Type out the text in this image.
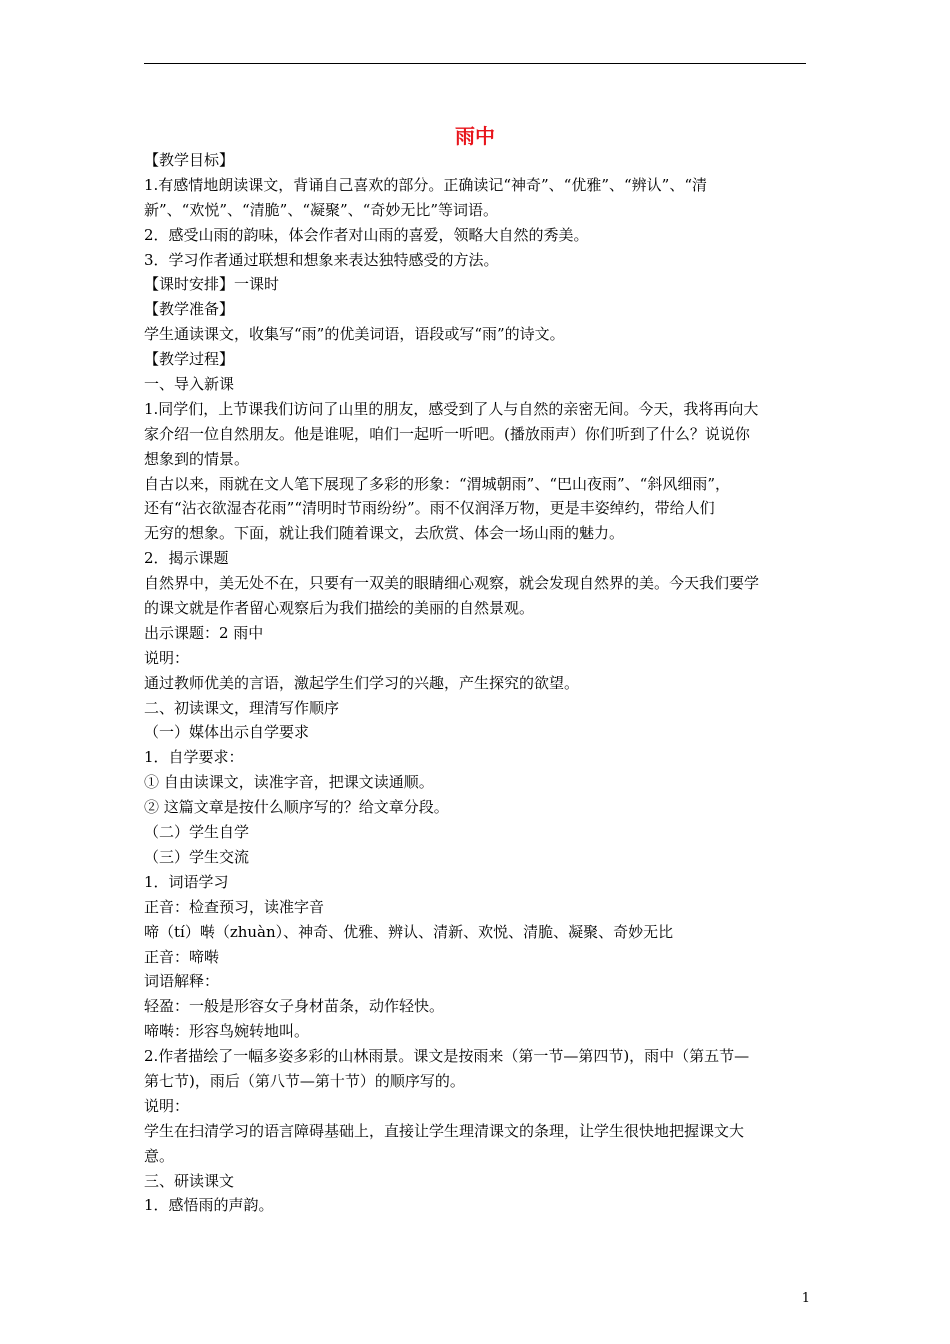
雨中
【教学目标】
1.有感情地朗读课文，背诵自己喜欢的部分。正确读记“神奇”、“优雅”、“辨认”、“清
新”、“欢悦”、“清脆”、“凝聚”、“奇妙无比”等词语。
2．感受山雨的韵味，体会作者对山雨的喜爱，领略大自然的秀美。
3．学习作者通过联想和想象来表达独特感受的方法。
【课时安排】一课时
【教学准备】
学生通读课文，收集写“雨”的优美词语，语段或写“雨”的诗文。
【教学过程】
一、导入新课
1.同学们，上节课我们访问了山里的朋友，感受到了人与自然的亲密无间。今天，我将再向大
家介绍一位自然朋友。他是谁呢，咱们一起听一听吧。(播放雨声）你们听到了什么？说说你
想象到的情景。
自古以来，雨就在文人笔下展现了多彩的形象：“渭城朝雨”、“巴山夜雨”、“斜风细雨”，
还有“沾衣欲湿杏花雨”“清明时节雨纷纷”。雨不仅润泽万物，更是丰姿绰约，带给人们
无穷的想象。下面，就让我们随着课文，去欣赏、体会一场山雨的魅力。
2．揭示课题
自然界中，美无处不在，只要有一双美的眼睛细心观察，就会发现自然界的美。今天我们要学
的课文就是作者留心观察后为我们描绘的美丽的自然景观。
出示课题：2 雨中
说明：
通过教师优美的言语，激起学生们学习的兴趣，产生探究的欲望。
二、初读课文，理清写作顺序
（一）媒体出示自学要求
1．自学要求：
① 自由读课文，读准字音，把课文读通顺。
② 这篇文章是按什么顺序写的？给文章分段。
（二）学生自学
（三）学生交流
1．词语学习
正音：检查预习，读准字音
啼（tí）啭（zhuàn）、神奇、优雅、辨认、清新、欢悦、清脆、凝聚、奇妙无比
正音：啼啭
词语解释：
轻盈：一般是形容女子身材苗条，动作轻快。
啼啭：形容鸟婉转地叫。
2.作者描绘了一幅多姿多彩的山林雨景。课文是按雨来（第一节—第四节)，雨中（第五节—
第七节)，雨后（第八节—第十节）的顺序写的。
说明：
学生在扫清学习的语言障碍基础上，直接让学生理清课文的条理，让学生很快地把握课文大
意。
三、研读课文
1．感悟雨的声韵。
1
